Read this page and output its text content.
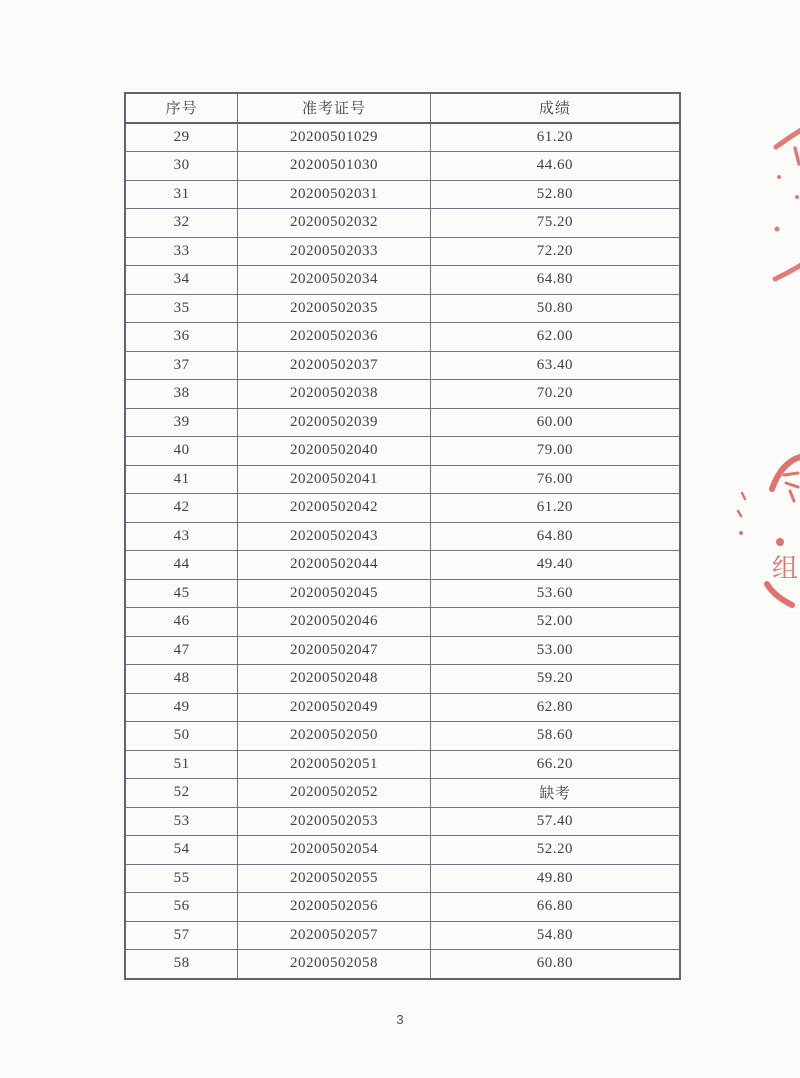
序号	准考证号	成绩
29	20200501029	61.20
30	20200501030	44.60
31	20200502031	52.80
32	20200502032	75.20
33	20200502033	72.20
34	20200502034	64.80
35	20200502035	50.80
36	20200502036	62.00
37	20200502037	63.40
38	20200502038	70.20
39	20200502039	60.00
40	20200502040	79.00
41	20200502041	76.00
42	20200502042	61.20
43	20200502043	64.80
44	20200502044	49.40
45	20200502045	53.60
46	20200502046	52.00
47	20200502047	53.00
48	20200502048	59.20
49	20200502049	62.80
50	20200502050	58.60
51	20200502051	66.20
52	20200502052	缺考
53	20200502053	57.40
54	20200502054	52.20
55	20200502055	49.80
56	20200502056	66.80
57	20200502057	54.80
58	20200502058	60.80
组
3
